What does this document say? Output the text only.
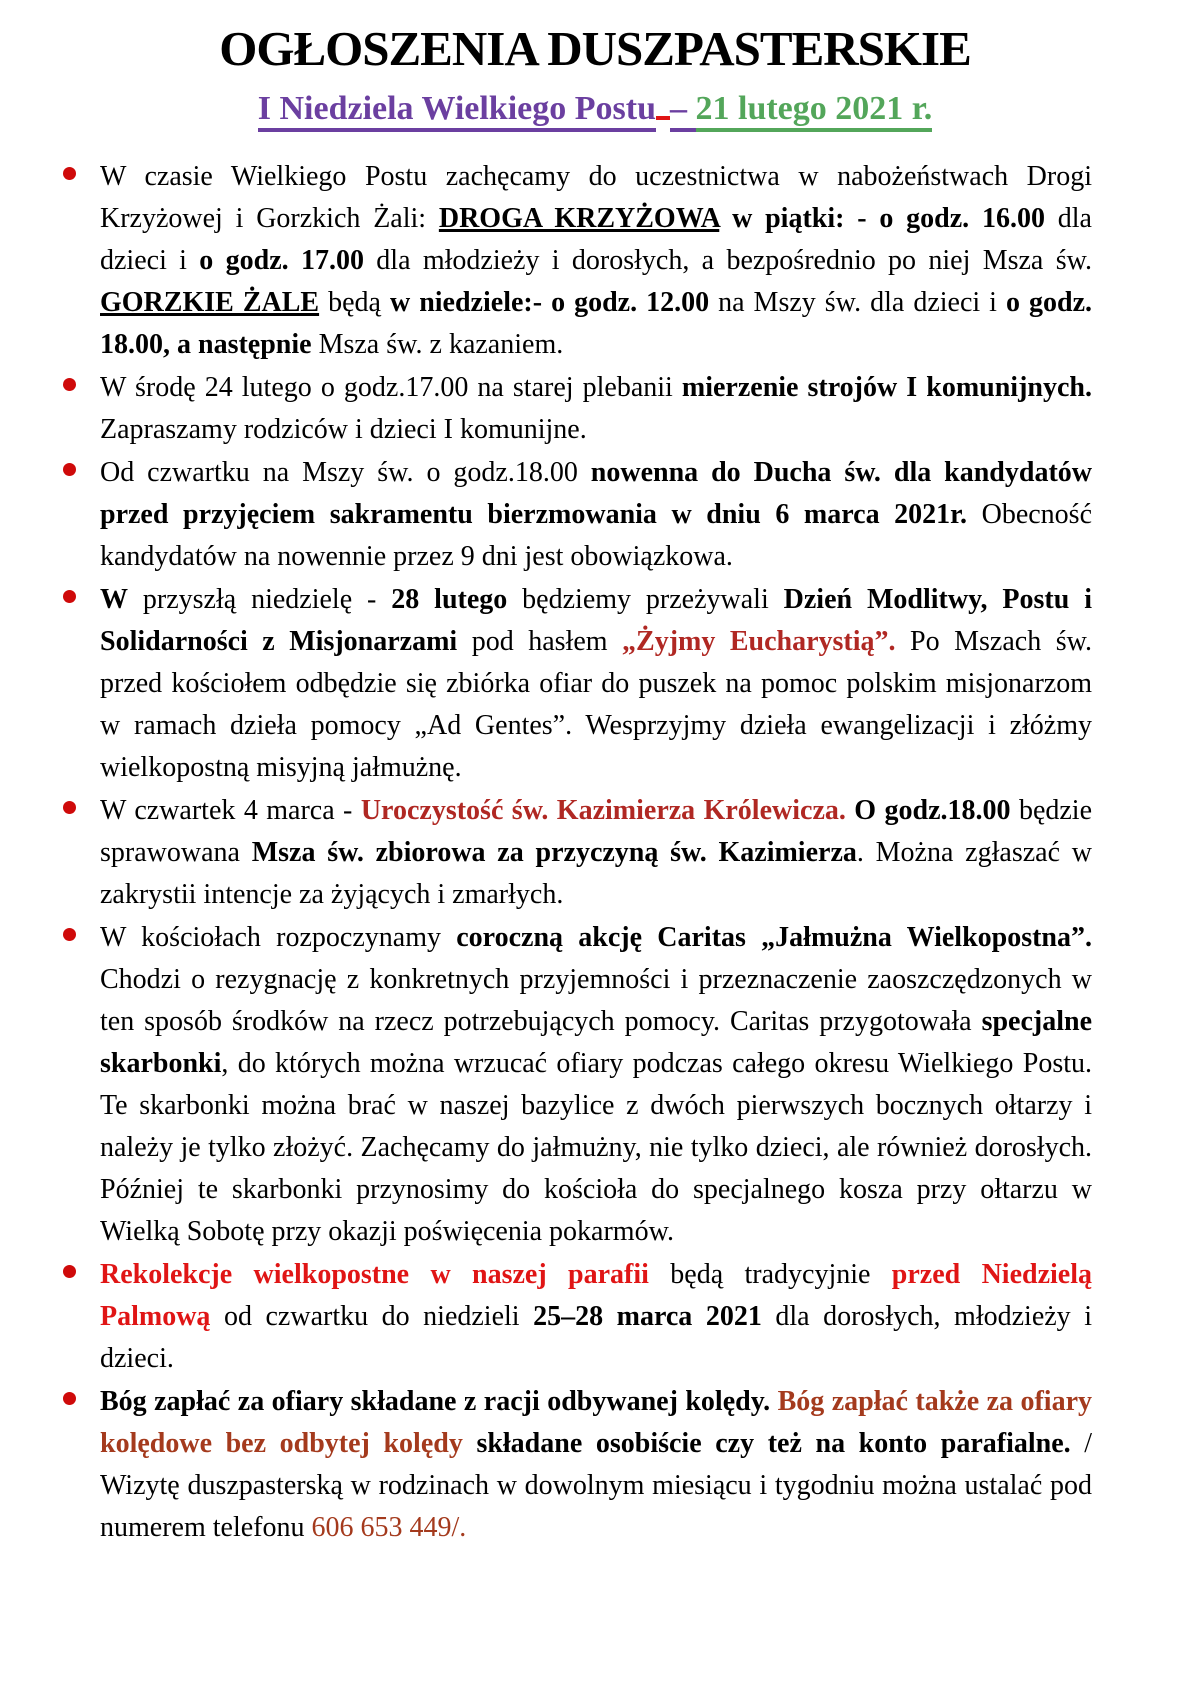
OGŁOSZENIA DUSZPASTERSKIE
I Niedziela Wielkiego Postu – 21 lutego 2021 r.
W czasie Wielkiego Postu zachęcamy do uczestnictwa w nabożeństwach Drogi Krzyżowej i Gorzkich Żali: DROGA KRZYŻOWA w piątki: - o godz. 16.00 dla dzieci i o godz. 17.00 dla młodzieży i dorosłych, a bezpośrednio po niej Msza św. GORZKIE ŻALE będą w niedziele:- o godz. 12.00 na Mszy św. dla dzieci i o godz. 18.00, a następnie Msza św. z kazaniem.
W środę 24 lutego o godz.17.00 na starej plebanii mierzenie strojów I komunijnych. Zapraszamy rodziców i dzieci I komunijne.
Od czwartku na Mszy św. o godz.18.00 nowenna do Ducha św. dla kandydatów przed przyjęciem sakramentu bierzmowania w dniu 6 marca 2021r. Obecność kandydatów na nowennie przez 9 dni jest obowiązkowa.
W przyszłą niedzielę - 28 lutego będziemy przeżywali Dzień Modlitwy, Postu i Solidarności z Misjonarzami pod hasłem „Żyjmy Eucharystią”. Po Mszach św. przed kościołem odbędzie się zbiórka ofiar do puszek na pomoc polskim misjonarzom w ramach dzieła pomocy „Ad Gentes”. Wesprzyjmy dzieła ewangelizacji i złóżmy wielkopostną misyjną jałmużnę.
W czwartek 4 marca - Uroczystość św. Kazimierza Królewicza. O godz.18.00 będzie sprawowana Msza św. zbiorowa za przyczyną św. Kazimierza. Można zgłaszać w zakrystii intencje za żyjących i zmarłych.
W kościołach rozpoczynamy coroczną akcję Caritas „Jałmużna Wielkopostna”. Chodzi o rezygnację z konkretnych przyjemności i przeznaczenie zaoszczędzonych w ten sposób środków na rzecz potrzebujących pomocy. Caritas przygotowała specjalne skarbonki, do których można wrzucać ofiary podczas całego okresu Wielkiego Postu. Te skarbonki można brać w naszej bazylice z dwóch pierwszych bocznych ołtarzy i należy je tylko złożyć. Zachęcamy do jałmużny, nie tylko dzieci, ale również dorosłych. Później te skarbonki przynosimy do kościoła do specjalnego kosza przy ołtarzu w Wielką Sobotę przy okazji poświęcenia pokarmów.
Rekolekcje wielkopostne w naszej parafii będą tradycyjnie przed Niedzielą Palmową od czwartku do niedzieli 25–28 marca 2021 dla dorosłych, młodzieży i dzieci.
Bóg zapłać za ofiary składane z racji odbywanej kolędy. Bóg zapłać także za ofiary kolędowe bez odbytej kolędy składane osobiście czy też na konto parafialne. / Wizytę duszpasterską w rodzinach w dowolnym miesiącu i tygodniu można ustalać pod numerem telefonu 606 653 449/.
